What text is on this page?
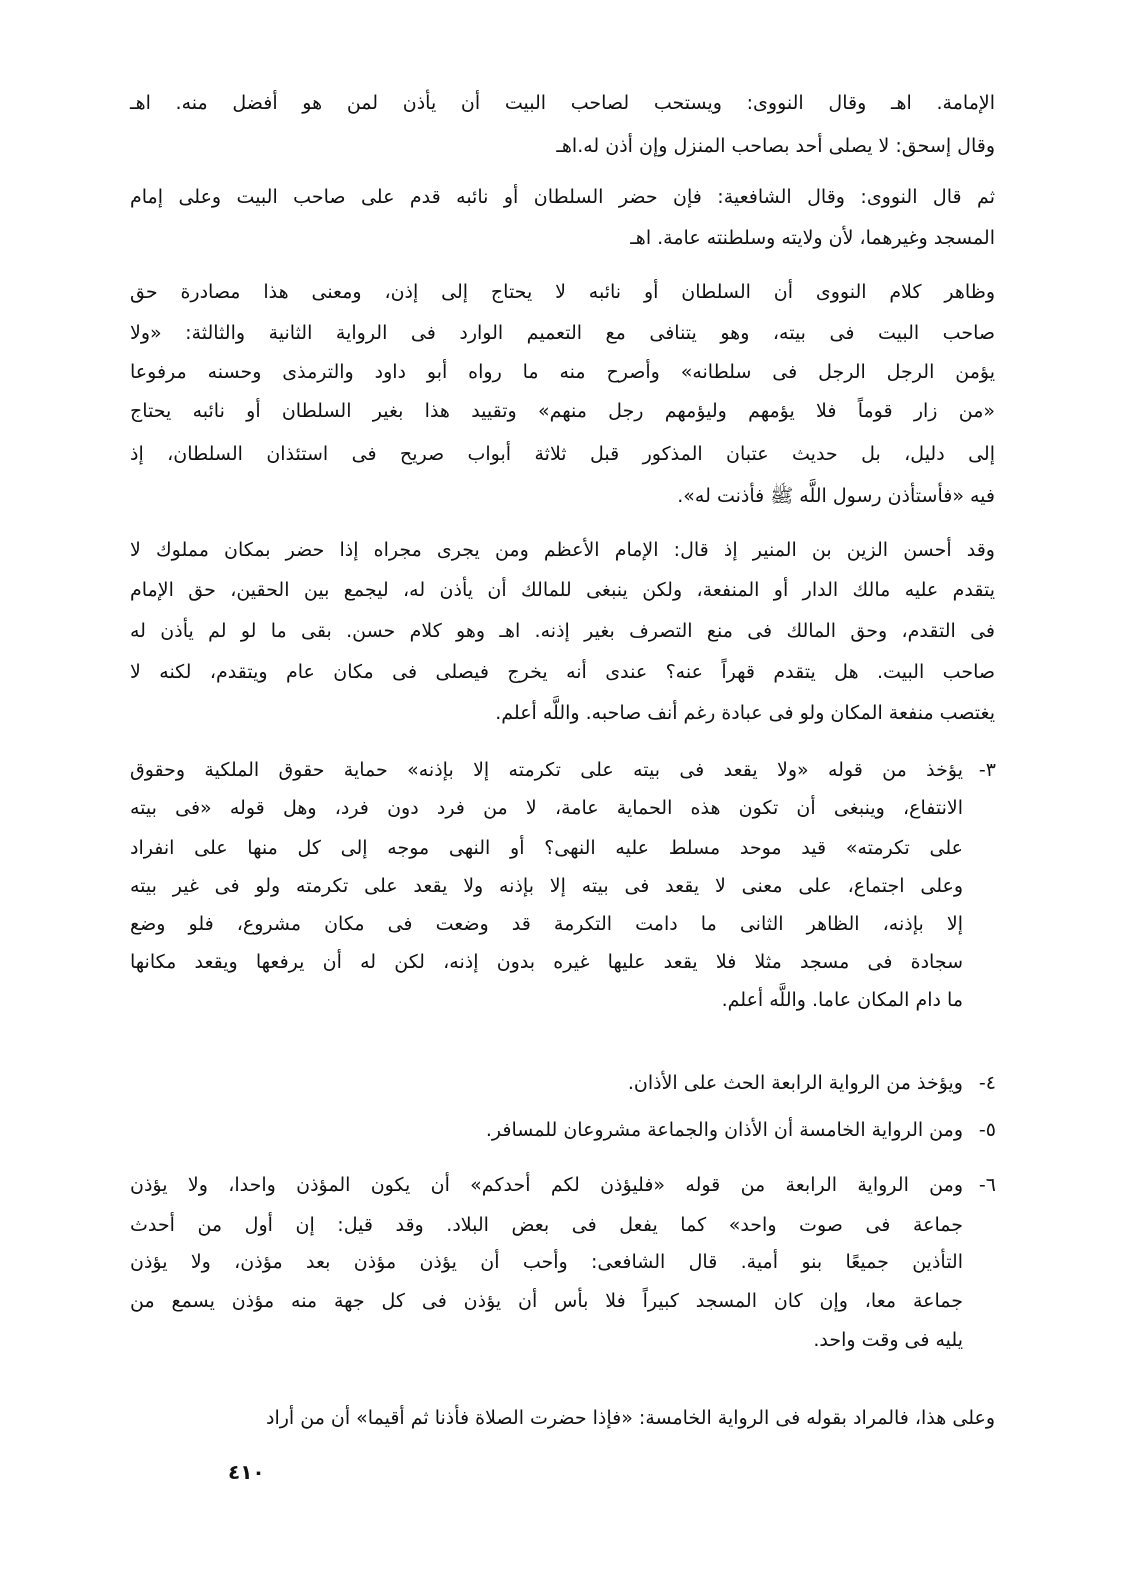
الإمامة. اهـ وقال النووى: ويستحب لصاحب البيت أن يأذن لمن هو أفضل منه. اهـ
وقال إسحق: لا يصلى أحد بصاحب المنزل وإن أذن له.اهـ
ثم قال النووى: وقال الشافعية: فإن حضر السلطان أو نائبه قدم على صاحب البيت وعلى إمام
المسجد وغيرهما، لأن ولايته وسلطنته عامة. اهـ
وظاهر كلام النووى أن السلطان أو نائبه لا يحتاج إلى إذن، ومعنى هذا مصادرة حق
صاحب البيت فى بيته، وهو يتنافى مع التعميم الوارد فى الرواية الثانية والثالثة: «ولا
يؤمن الرجل الرجل فى سلطانه» وأصرح منه ما رواه أبو داود والترمذى وحسنه مرفوعا
«من زار قوماً فلا يؤمهم وليؤمهم رجل منهم» وتقييد هذا بغير السلطان أو نائبه يحتاج
إلى دليل، بل حديث عتبان المذكور قبل ثلاثة أبواب صريح فى استئذان السلطان، إذ
فيه «فأستأذن رسول اللَّه ﷺ فأذنت له».
وقد أحسن الزين بن المنير إذ قال: الإمام الأعظم ومن يجرى مجراه إذا حضر بمكان مملوك لا
يتقدم عليه مالك الدار أو المنفعة، ولكن ينبغى للمالك أن يأذن له، ليجمع بين الحقين، حق الإمام
فى التقدم، وحق المالك فى منع التصرف بغير إذنه. اهـ وهو كلام حسن. بقى ما لو لم يأذن له
صاحب البيت. هل يتقدم قهراً عنه؟ عندى أنه يخرج فيصلى فى مكان عام ويتقدم، لكنه لا
يغتصب منفعة المكان ولو فى عبادة رغم أنف صاحبه. واللَّه أعلم.
٣-
يؤخذ من قوله «ولا يقعد فى بيته على تكرمته إلا بإذنه» حماية حقوق الملكية وحقوق
الانتفاع، وينبغى أن تكون هذه الحماية عامة، لا من فرد دون فرد، وهل قوله «فى بيته
على تكرمته» قيد موحد مسلط عليه النهى؟ أو النهى موجه إلى كل منها على انفراد
وعلى اجتماع، على معنى لا يقعد فى بيته إلا بإذنه ولا يقعد على تكرمته ولو فى غير بيته
إلا بإذنه، الظاهر الثانى ما دامت التكرمة قد وضعت فى مكان مشروع، فلو وضع
سجادة فى مسجد مثلا فلا يقعد عليها غيره بدون إذنه، لكن له أن يرفعها ويقعد مكانها
ما دام المكان عاما. واللَّه أعلم.
٤-
ويؤخذ من الرواية الرابعة الحث على الأذان.
٥-
ومن الرواية الخامسة أن الأذان والجماعة مشروعان للمسافر.
٦-
ومن الرواية الرابعة من قوله «فليؤذن لكم أحدكم» أن يكون المؤذن واحدا، ولا يؤذن
جماعة فى صوت واحد» كما يفعل فى بعض البلاد. وقد قيل: إن أول من أحدث
التأذين جميعًا بنو أمية. قال الشافعى: وأحب أن يؤذن مؤذن بعد مؤذن، ولا يؤذن
جماعة معا، وإن كان المسجد كبيراً فلا بأس أن يؤذن فى كل جهة منه مؤذن يسمع من
يليه فى وقت واحد.
وعلى هذا، فالمراد بقوله فى الرواية الخامسة: «فإذا حضرت الصلاة فأذنا ثم أقيما» أن من أراد
٤١٠
